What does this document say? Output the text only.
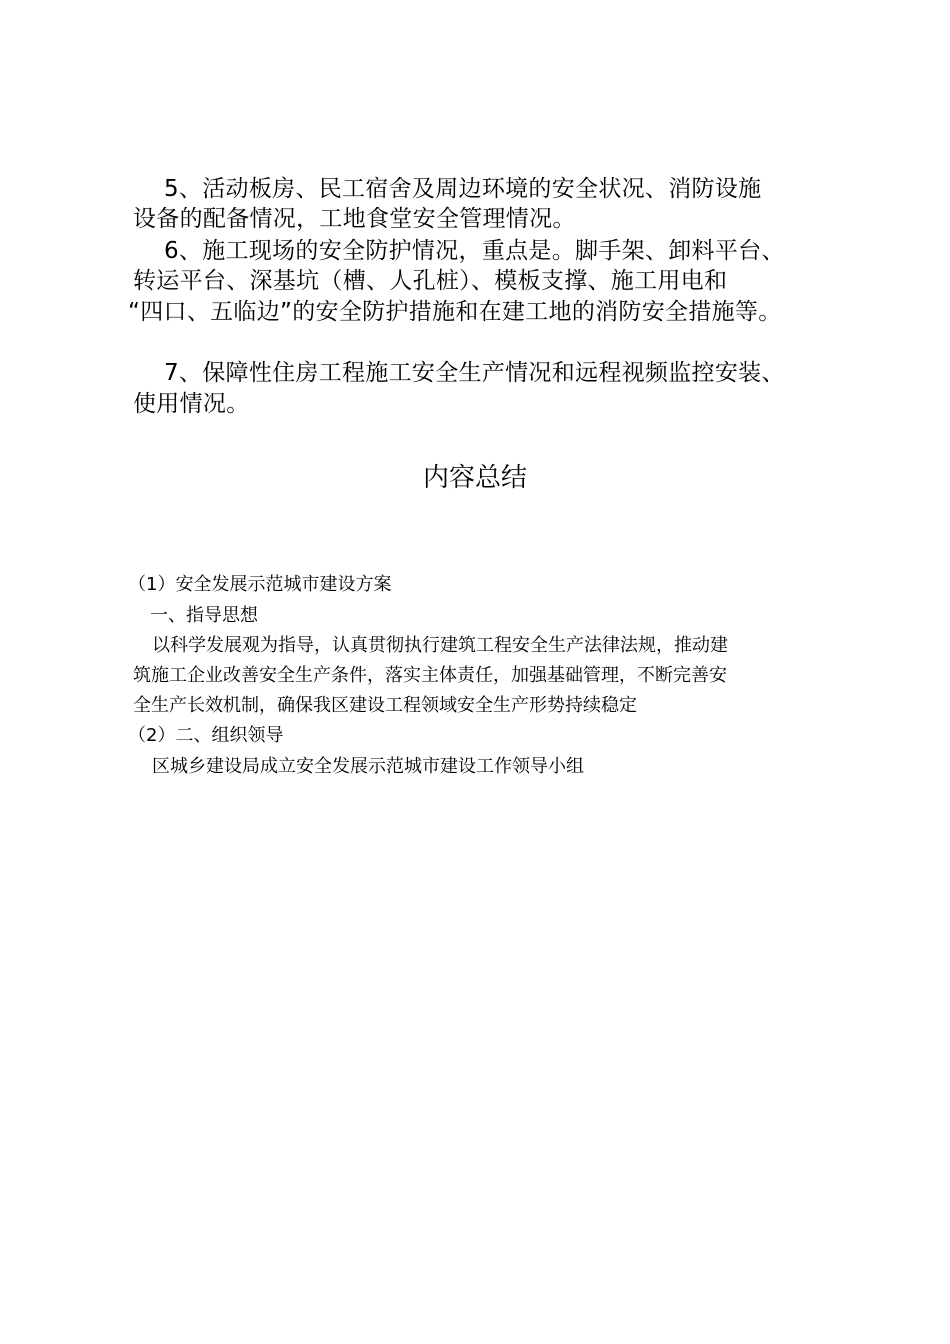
5、活动板房、民工宿舍及周边环境的安全状况、消防设施
设备的配备情况，工地食堂安全管理情况。
6、施工现场的安全防护情况，重点是。脚手架、卸料平台、
转运平台、深基坑（槽、人孔桩）、模板支撑、施工用电和
“四口、五临边”的安全防护措施和在建工地的消防安全措施等。
7、保障性住房工程施工安全生产情况和远程视频监控安装、
使用情况。
内容总结
（1）安全发展示范城市建设方案
一、指导思想
以科学发展观为指导，认真贯彻执行建筑工程安全生产法律法规，推动建
筑施工企业改善安全生产条件，落实主体责任，加强基础管理，不断完善安
全生产长效机制，确保我区建设工程领域安全生产形势持续稳定
（2）二、组织领导
区城乡建设局成立安全发展示范城市建设工作领导小组
